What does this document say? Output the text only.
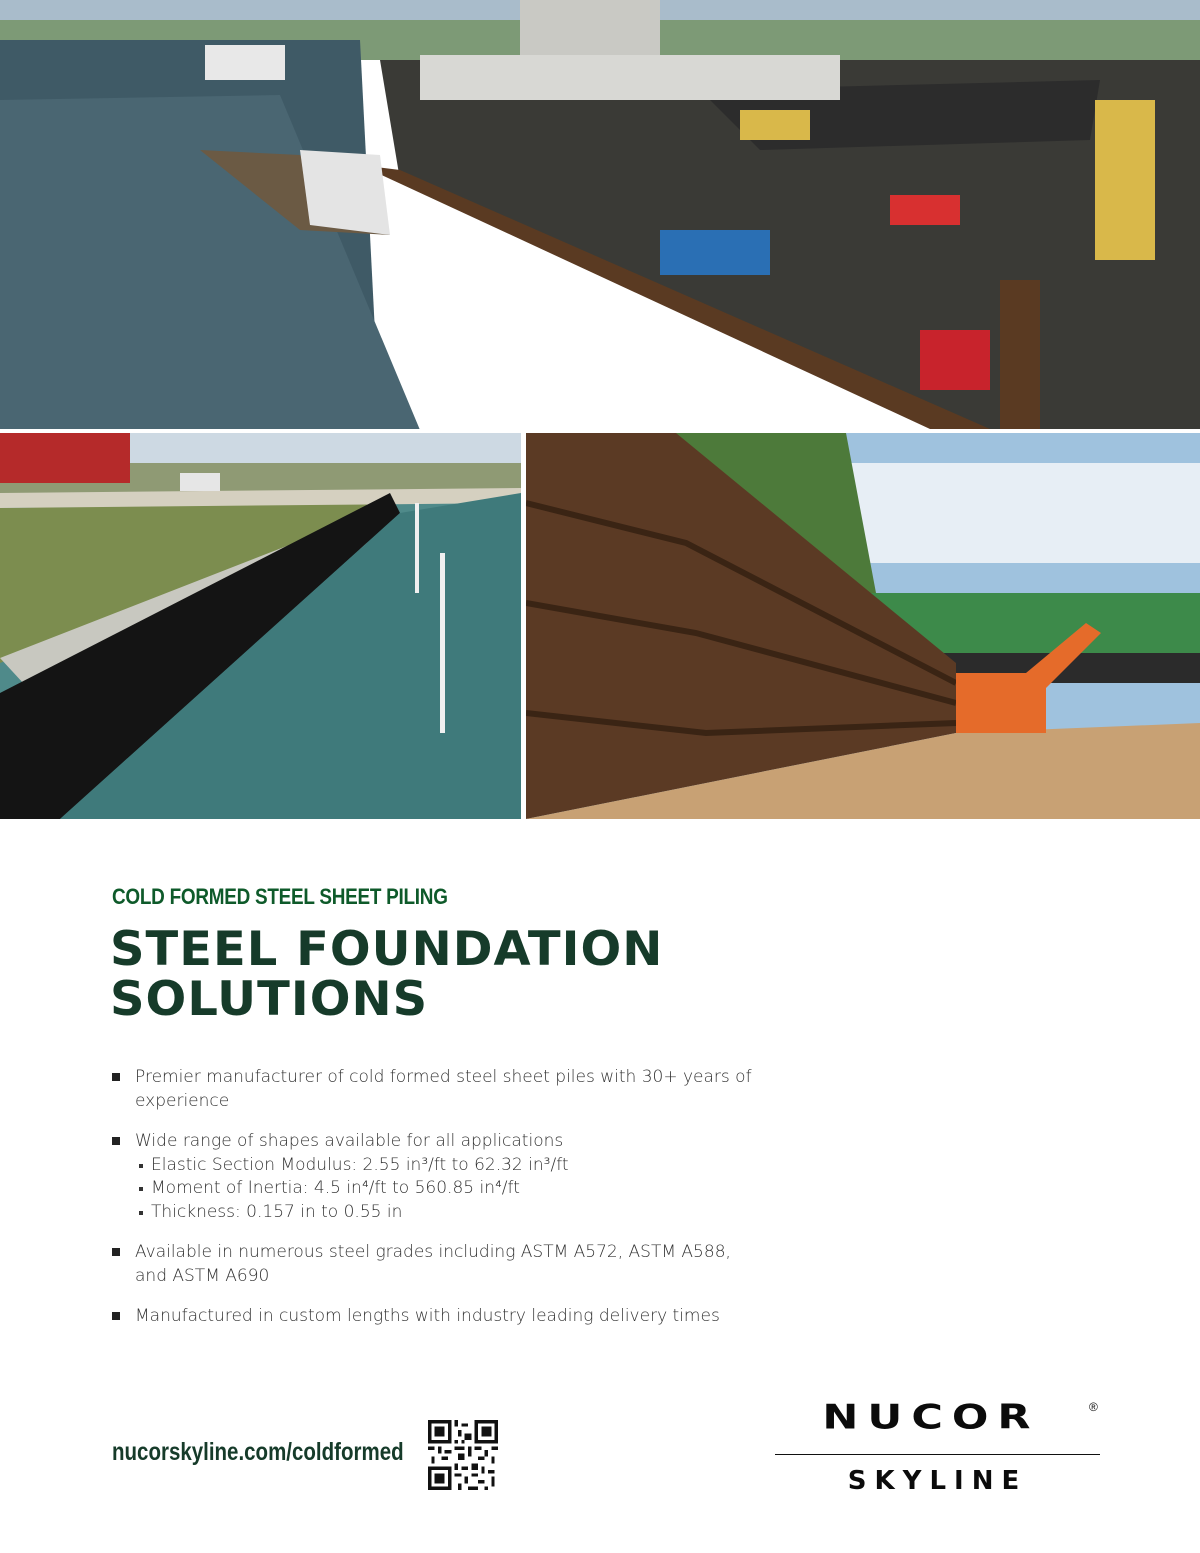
COLD FORMED STEEL SHEET PILING
STEEL FOUNDATION
SOLUTIONS
Premier manufacturer of cold formed steel sheet piles with 30+ years of experience
Wide range of shapes available for all applications
Elastic Section Modulus: 2.55 in³/ft to 62.32 in³/ft
Moment of Inertia: 4.5 in⁴/ft to 560.85 in⁴/ft
Thickness: 0.157 in to 0.55 in
Available in numerous steel grades including ASTM A572, ASTM A588, and ASTM A690
Manufactured in custom lengths with industry leading delivery times
nucorskyline.com/coldformed
NUCOR	®
SKYLINE
